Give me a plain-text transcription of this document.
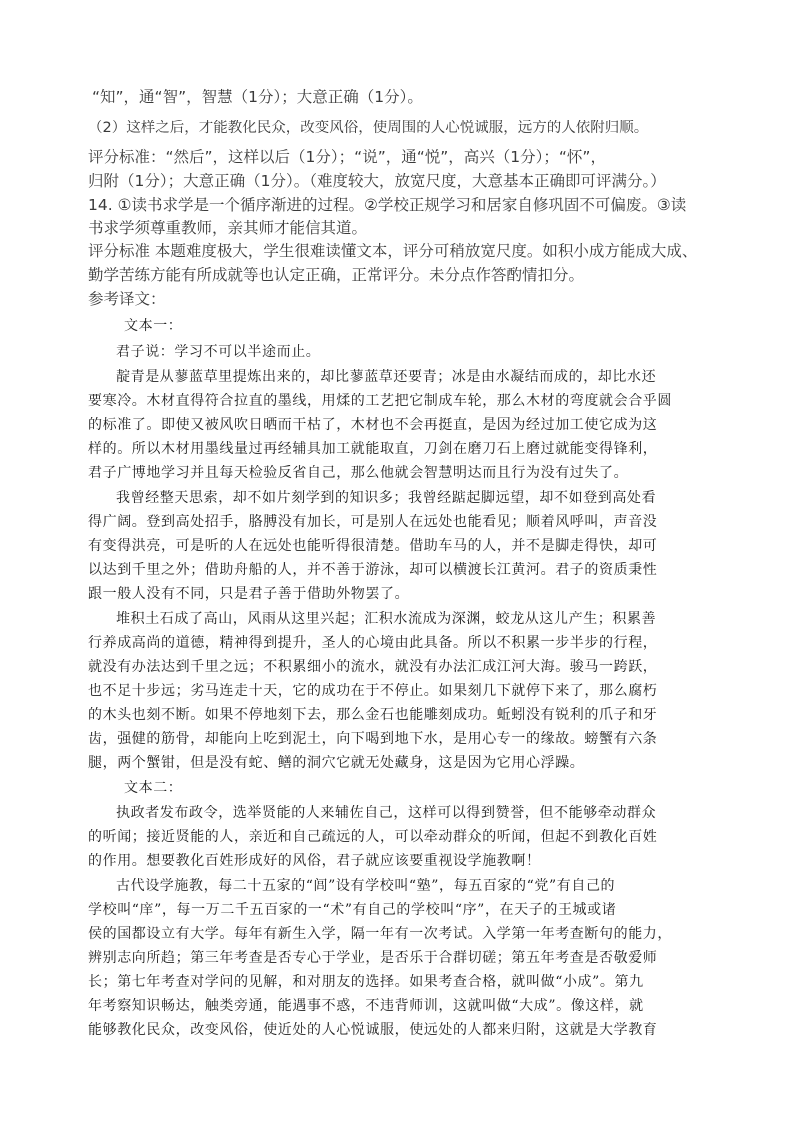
“知”，通“智”，智慧（1分）；大意正确（1分）。
（2）这样之后，才能教化民众，改变风俗，使周围的人心悦诚服，远方的人依附归顺。
评分标准：“然后”，这样以后（1分）；“说”，通“悦”，高兴（1分）；“怀”，
归附（1分）；大意正确（1分）。（难度较大，放宽尺度，大意基本正确即可评满分。）
14. ①读书求学是一个循序渐进的过程。②学校正规学习和居家自修巩固不可偏废。③读
书求学须尊重教师，亲其师才能信其道。
评分标准 本题难度极大，学生很难读懂文本，评分可稍放宽尺度。如积小成方能成大成、
勤学苦练方能有所成就等也认定正确，正常评分。未分点作答酌情扣分。
参考译文：
文本一：
君子说：学习不可以半途而止。
靛青是从蓼蓝草里提炼出来的，却比蓼蓝草还要青；冰是由水凝结而成的，却比水还
要寒冷。木材直得符合拉直的墨线，用煣的工艺把它制成车轮，那么木材的弯度就会合乎圆
的标准了。即使又被风吹日晒而干枯了，木材也不会再挺直，是因为经过加工使它成为这
样的。所以木材用墨线量过再经辅具加工就能取直，刀剑在磨刀石上磨过就能变得锋利，
君子广博地学习并且每天检验反省自己，那么他就会智慧明达而且行为没有过失了。
我曾经整天思索，却不如片刻学到的知识多；我曾经踮起脚远望，却不如登到高处看
得广阔。登到高处招手，胳膊没有加长，可是别人在远处也能看见；顺着风呼叫，声音没
有变得洪亮，可是听的人在远处也能听得很清楚。借助车马的人，并不是脚走得快，却可
以达到千里之外；借助舟船的人，并不善于游泳，却可以横渡长江黄河。君子的资质秉性
跟一般人没有不同，只是君子善于借助外物罢了。
堆积土石成了高山，风雨从这里兴起；汇积水流成为深渊，蛟龙从这儿产生；积累善
行养成高尚的道德，精神得到提升，圣人的心境由此具备。所以不积累一步半步的行程，
就没有办法达到千里之远；不积累细小的流水，就没有办法汇成江河大海。骏马一跨跃，
也不足十步远；劣马连走十天，它的成功在于不停止。如果刻几下就停下来了，那么腐朽
的木头也刻不断。如果不停地刻下去，那么金石也能雕刻成功。蚯蚓没有锐利的爪子和牙
齿，强健的筋骨，却能向上吃到泥土，向下喝到地下水，是用心专一的缘故。螃蟹有六条
腿，两个蟹钳，但是没有蛇、鳝的洞穴它就无处藏身，这是因为它用心浮躁。
文本二：
执政者发布政令，选举贤能的人来辅佐自己，这样可以得到赞誉，但不能够牵动群众
的听闻；接近贤能的人，亲近和自己疏远的人，可以牵动群众的听闻，但起不到教化百姓
的作用。想要教化百姓形成好的风俗，君子就应该要重视设学施教啊！
古代设学施教，每二十五家的“闾”设有学校叫“塾”，每五百家的“党”有自己的
学校叫“庠”，每一万二千五百家的一“术”有自己的学校叫“序”，在天子的王城或诸
侯的国都设立有大学。每年有新生入学，隔一年有一次考试。入学第一年考查断句的能力，
辨别志向所趋；第三年考查是否专心于学业，是否乐于合群切磋；第五年考查是否敬爱师
长；第七年考查对学问的见解，和对朋友的选择。如果考查合格，就叫做“小成”。第九
年考察知识畅达，触类旁通，能遇事不惑，不违背师训，这就叫做“大成”。像这样，就
能够教化民众，改变风俗，使近处的人心悦诚服，使远处的人都来归附，这就是大学教育
